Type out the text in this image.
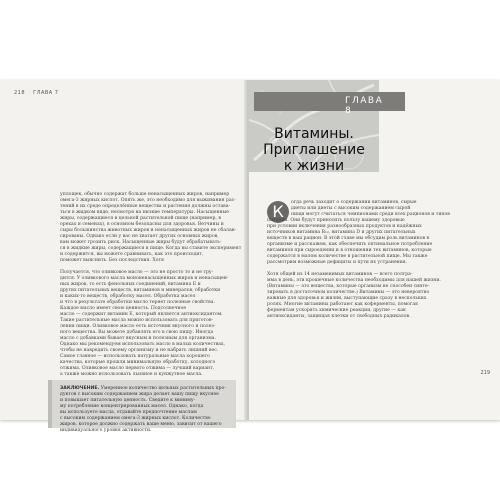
218 ГЛАВА 7
уплощек, обычно содержат больше ненасыщенных жиров, например
омега-3 жирных кислот. Опять же, это необходимо для выживания рас-
тений в их среде определённые вещества и растения должны остава-
ться в жидком виде, несмотря на низкие температуры. Насыщенные
жиры, содержащиеся в цельной растительной пище (например, в
орехах и семенах), в основном безопасны для здоровья. Ветчины и
сыры большинства животных жиров и ненасыщенных жиров не сбалан-
сированы. Однако если у вас не хватает других основных жиров,
вам может грозить риск. Насыщенные жиры будут обрабатывать-
ся в жидкие жиры, содержащиеся в пище. Когда вы ставите эксперимент
и содержится, вы можете сравнивать, как это происходит,
поможет выяснить. Без последствия. Хотя
Получается, что оливковое масло — это не просто то и не тру-
дится. У оливкового масла мононенасыщенных жиров и ненасыщен-
ных жиров, то есть фенольных соединений, витамина Е и
других питательных веществ, витаминов и минералов, обработки
и каких-то веществ, обработку масел. Обработка масел
и что в результате обработки масло теряет полезные свойства.
Каждое масло имеет свою ценность. Подсолнечное
масло — содержит витамин E, который является антиоксидантом.
Такие растительные масла можно использовать для приготов-
ления пищи. Оливковое масло есть источник вкусного и полез-
ного вещества. Вы можете добавлять его в свою пищу. Иногда
масло с добавками бывает вкусным и полезным для организма.
Однако мы рекомендуем использовать масло в малых количествах,
чтобы не навредить своему организму и не набрать лишний вес.
Самое главное — использовать натуральные масла хорошего
качества, которые прошли минимальную обработку, холодного
отжима. Оливковое масло первого отжима — лучший вариант,
а также можно использовать льняное и кунжутное масла.
ЗАКЛЮЧЕНИЕ. Умеренное количество цельных растительных про-
дуктов с высоким содержанием жира делает вашу пищу вкуснее
и повышает питательную ценность. Сведите к миниму-
му потребление концентрированных масел. Однако, когда
вы используете масла, отдавайте предпочтение маслам
с высоким содержанием омега-3 жирных кислот. Количество
жиров, которое должно содержать ваше меню, зависит от вашего
индивидуального уровня активности.
ГЛАВА 8
Витамины.
Приглашение
к жизни
К	огда речь заходит о содержании витаминов, сырые
диеты или диеты с высоким содержанием сырой
пищи могут считаться чемпионами среди всех рационов и типов
питания. Они будут приносить пользу вашему здоровью
при условии включения разнообразных продуктов и надёжных
источников витамина B₁₂, витамина D и других питательных
веществ в ваш рацион. В этой главе мы обсудим роль витаминов в
организме и расскажем, как обеспечить оптимальное потребление
витаминов при сыроедении и в отношении тех витаминов, которые
содержатся в малом количестве в растительной пище. Мы также
рассмотрим возможные дефициты и пути их устранения.
Хотя общей из 14 незаменимых витаминов — всего полгра-
мма в день, эти крошечные количества необходимы для нашей жизни.
(Витамины — это вещества, которые организм не способен синте-
зировать в достаточном количестве.) Витамины — это невероятно
важные для здоровья и жизни, выступающие сразу в нескольких
ролях. Многие витамины работают как коферменты, помогая
ферментам ускорять химические реакции, другие — как
антиоксиданты, защищая клетки от свободных радикалов.
219
